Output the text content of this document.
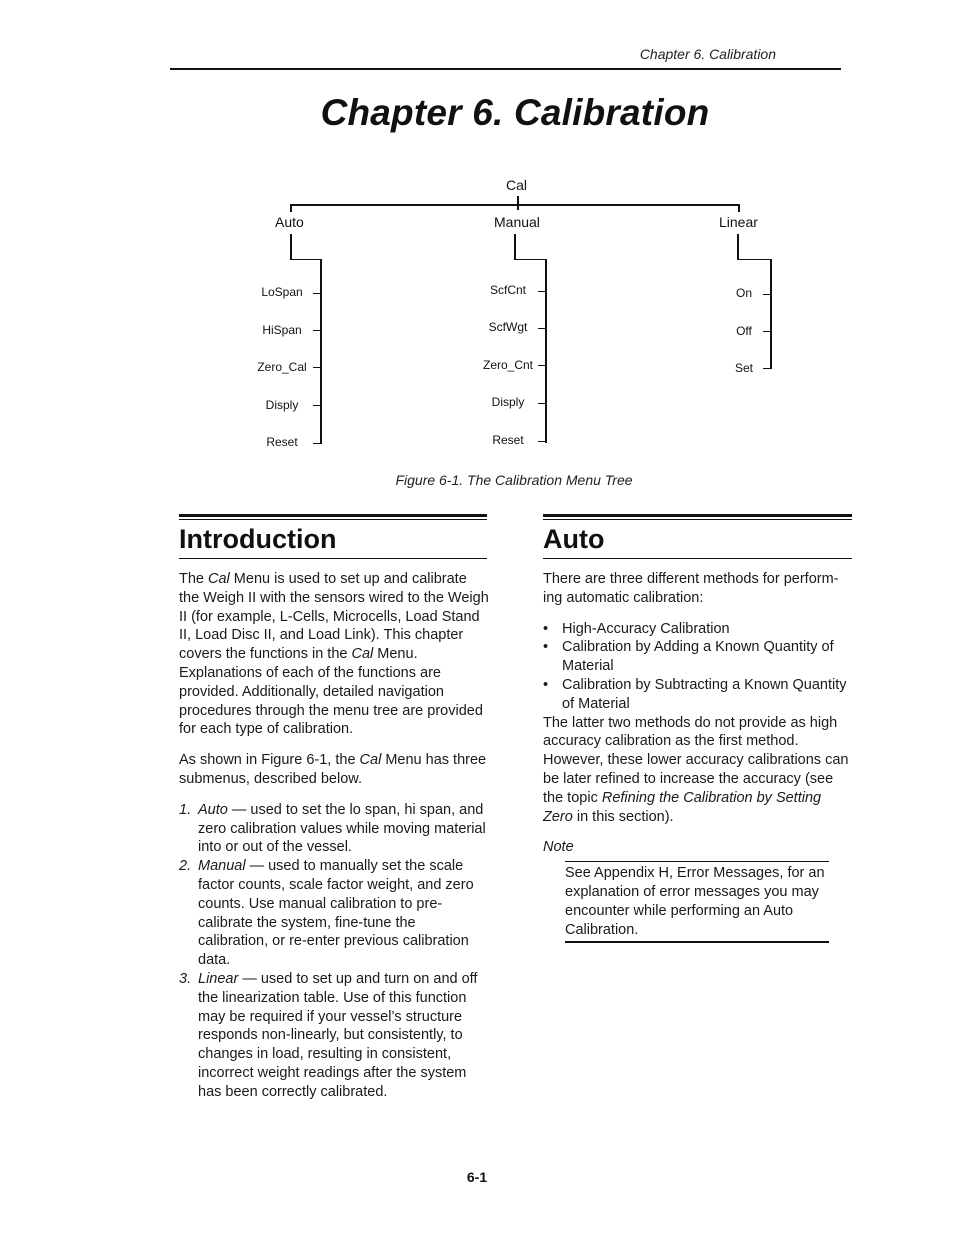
Chapter 6. Calibration
Chapter 6. Calibration
Cal
Auto
LoSpan
HiSpan
Zero_Cal
Disply
Reset
Manual
ScfCnt
ScfWgt
Zero_Cnt
Disply
Reset
Linear
On
Off
Set
Figure 6-1. The Calibration Menu Tree
Introduction

The Cal Menu is used to set up and calibrate the Weigh II with the sensors wired to the Weigh II (for example, L-Cells, Microcells, Load Stand II, Load Disc II, and Load Link). This chapter covers the functions in the Cal Menu. Explanations of each of the functions are provided. Additionally, detailed navigation procedures through the menu tree are provided for each type of calibration.

As shown in Figure 6-1, the Cal Menu has three submenus, described below.

1. Auto — used to set the lo span, hi span, and zero calibration values while moving material into or out of the vessel.
2. Manual — used to manually set the scale factor counts, scale factor weight, and zero counts. Use manual calibration to pre-calibrate the system, fine-tune the calibration, or re-enter previous calibration data.
3. Linear — used to set up and turn on and off the linearization table. Use of this function may be required if your vessel’s structure responds non-linearly, but consistently, to changes in load, resulting in consistent, incorrect weight readings after the system has been correctly calibrated.
Auto

There are three different methods for perform-ing automatic calibration:

• High-Accuracy Calibration
• Calibration by Adding a Known Quantity of Material
• Calibration by Subtracting a Known Quantity of Material

The latter two methods do not provide as high accuracy calibration as the first method. However, these lower accuracy calibrations can be later refined to increase the accuracy (see the topic Refining the Calibration by Setting Zero in this section).

Note
See Appendix H, Error Messages, for an explanation of error messages you may encounter while performing an Auto Calibration.
6-1
